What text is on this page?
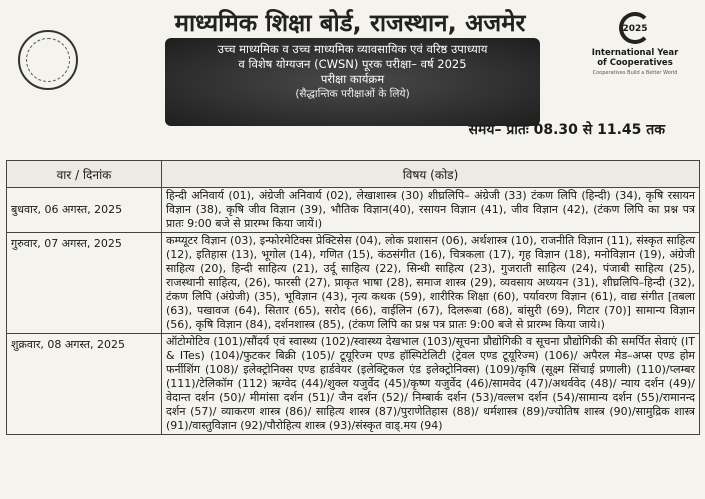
माध्यमिक शिक्षा बोर्ड, राजस्थान, अजमेर
उच्च माध्यमिक व उच्च माध्यमिक व्यावसायिक एवं वरिष्ठ उपाध्याय
व विशेष योग्यजन (CWSN) पूरक परीक्षा– वर्ष 2025
परीक्षा कार्यक्रम
(सैद्धान्तिक परीक्षाओं के लिये)
2025
International Year of Cooperatives
Cooperatives Build a Better World
समय– प्रातः 08.30 से 11.45 तक
वार / दिनांक	विषय (कोड)
बुधवार, 06 अगस्त, 2025	हिन्दी अनिवार्य (01), अंग्रेजी अनिवार्य (02), लेखाशास्त्र (30) शीघ्रलिपि– अंग्रेजी (33) टंकण लिपि (हिन्दी) (34), कृषि रसायन विज्ञान (38), कृषि जीव विज्ञान (39), भौतिक विज्ञान(40), रसायन विज्ञान (41), जीव विज्ञान (42), (टंकण लिपि का प्रश्न पत्र प्रातः 9:00 बजे से प्रारम्भ किया जायें।)
गुरुवार, 07 अगस्त, 2025	कम्प्यूटर विज्ञान (03), इन्फोरमेटिक्स प्रेक्टिसेस (04), लोक प्रशासन (06), अर्थशास्त्र (10), राजनीति विज्ञान (11), संस्कृत साहित्य (12), इतिहास (13), भूगोल (14), गणित (15), कंठसंगीत (16), चित्रकला (17), गृह विज्ञान (18), मनोविज्ञान (19), अंग्रेजी साहित्य (20), हिन्दी साहित्य (21), उर्दू साहित्य (22), सिन्धी साहित्य (23), गुजराती साहित्य (24), पंजाबी साहित्य (25), राजस्थानी साहित्य, (26), फारसी (27), प्राकृत भाषा (28), समाज शास्त्र (29), व्यवसाय अध्ययन (31), शीघ्रलिपि–हिन्दी (32), टंकण लिपि (अंग्रेजी) (35), भूविज्ञान (43), नृत्य कथक (59), शारीरिक शिक्षा (60), पर्यावरण विज्ञान (61), वाद्य संगीत [तबला (63), पखावज (64), सितार (65), सरोद (66), वाईलिन (67), दिलरूबा (68), बांसुरी (69), गिटार (70)] सामान्य विज्ञान (56), कृषि विज्ञान (84), दर्शनशास्त्र (85), (टंकण लिपि का प्रश्न पत्र प्रातः 9:00 बजे से प्रारम्भ किया जाये।)
शुक्रवार, 08 अगस्त, 2025	ऑटोमोटिव (101)/सौंदर्य एवं स्वास्थ्य (102)/स्वास्थ्य देखभाल (103)/सूचना प्रौद्योगिकी व सूचना प्रौद्योगिकी की समर्पित सेवाएं (IT & ITes) (104)/फुटकर बिक्री (105)/ टूयूरिज्म एण्ड हॉस्पिटेलिटी (ट्रेवल एण्ड टूयूरिज्म) (106)/ अपैरल मेड–अप्स एण्ड होम फर्नीशिंग (108)/ इलेक्ट्रोनिक्स एण्ड हार्डवेयर (इलेक्ट्रिकल एंड इलेक्ट्रोनिक्स) (109)/कृषि (सूक्ष्म सिंचाई प्रणाली) (110)/प्लम्बर (111)/टेलिकॉम (112) ऋग्वेद (44)/शुक्ल यजुर्वेद (45)/कृष्ण यजुर्वेद (46)/सामवेद (47)/अथर्ववेद (48)/ न्याय दर्शन (49)/ वेदान्त दर्शन (50)/ मीमांसा दर्शन (51)/ जैन दर्शन (52)/ निम्बार्क दर्शन (53)/वल्लभ दर्शन (54)/सामान्य दर्शन (55)/रामानन्द दर्शन (57)/ व्याकरण शास्त्र (86)/ साहित्य शास्त्र (87)/पुराणेतिहास (88)/ धर्मशास्त्र (89)/ज्योतिष शास्त्र (90)/सामुद्रिक शास्त्र (91)/वास्तुविज्ञान (92)/पौरोहित्य शास्त्र (93)/संस्कृत वाड्.मय (94)
